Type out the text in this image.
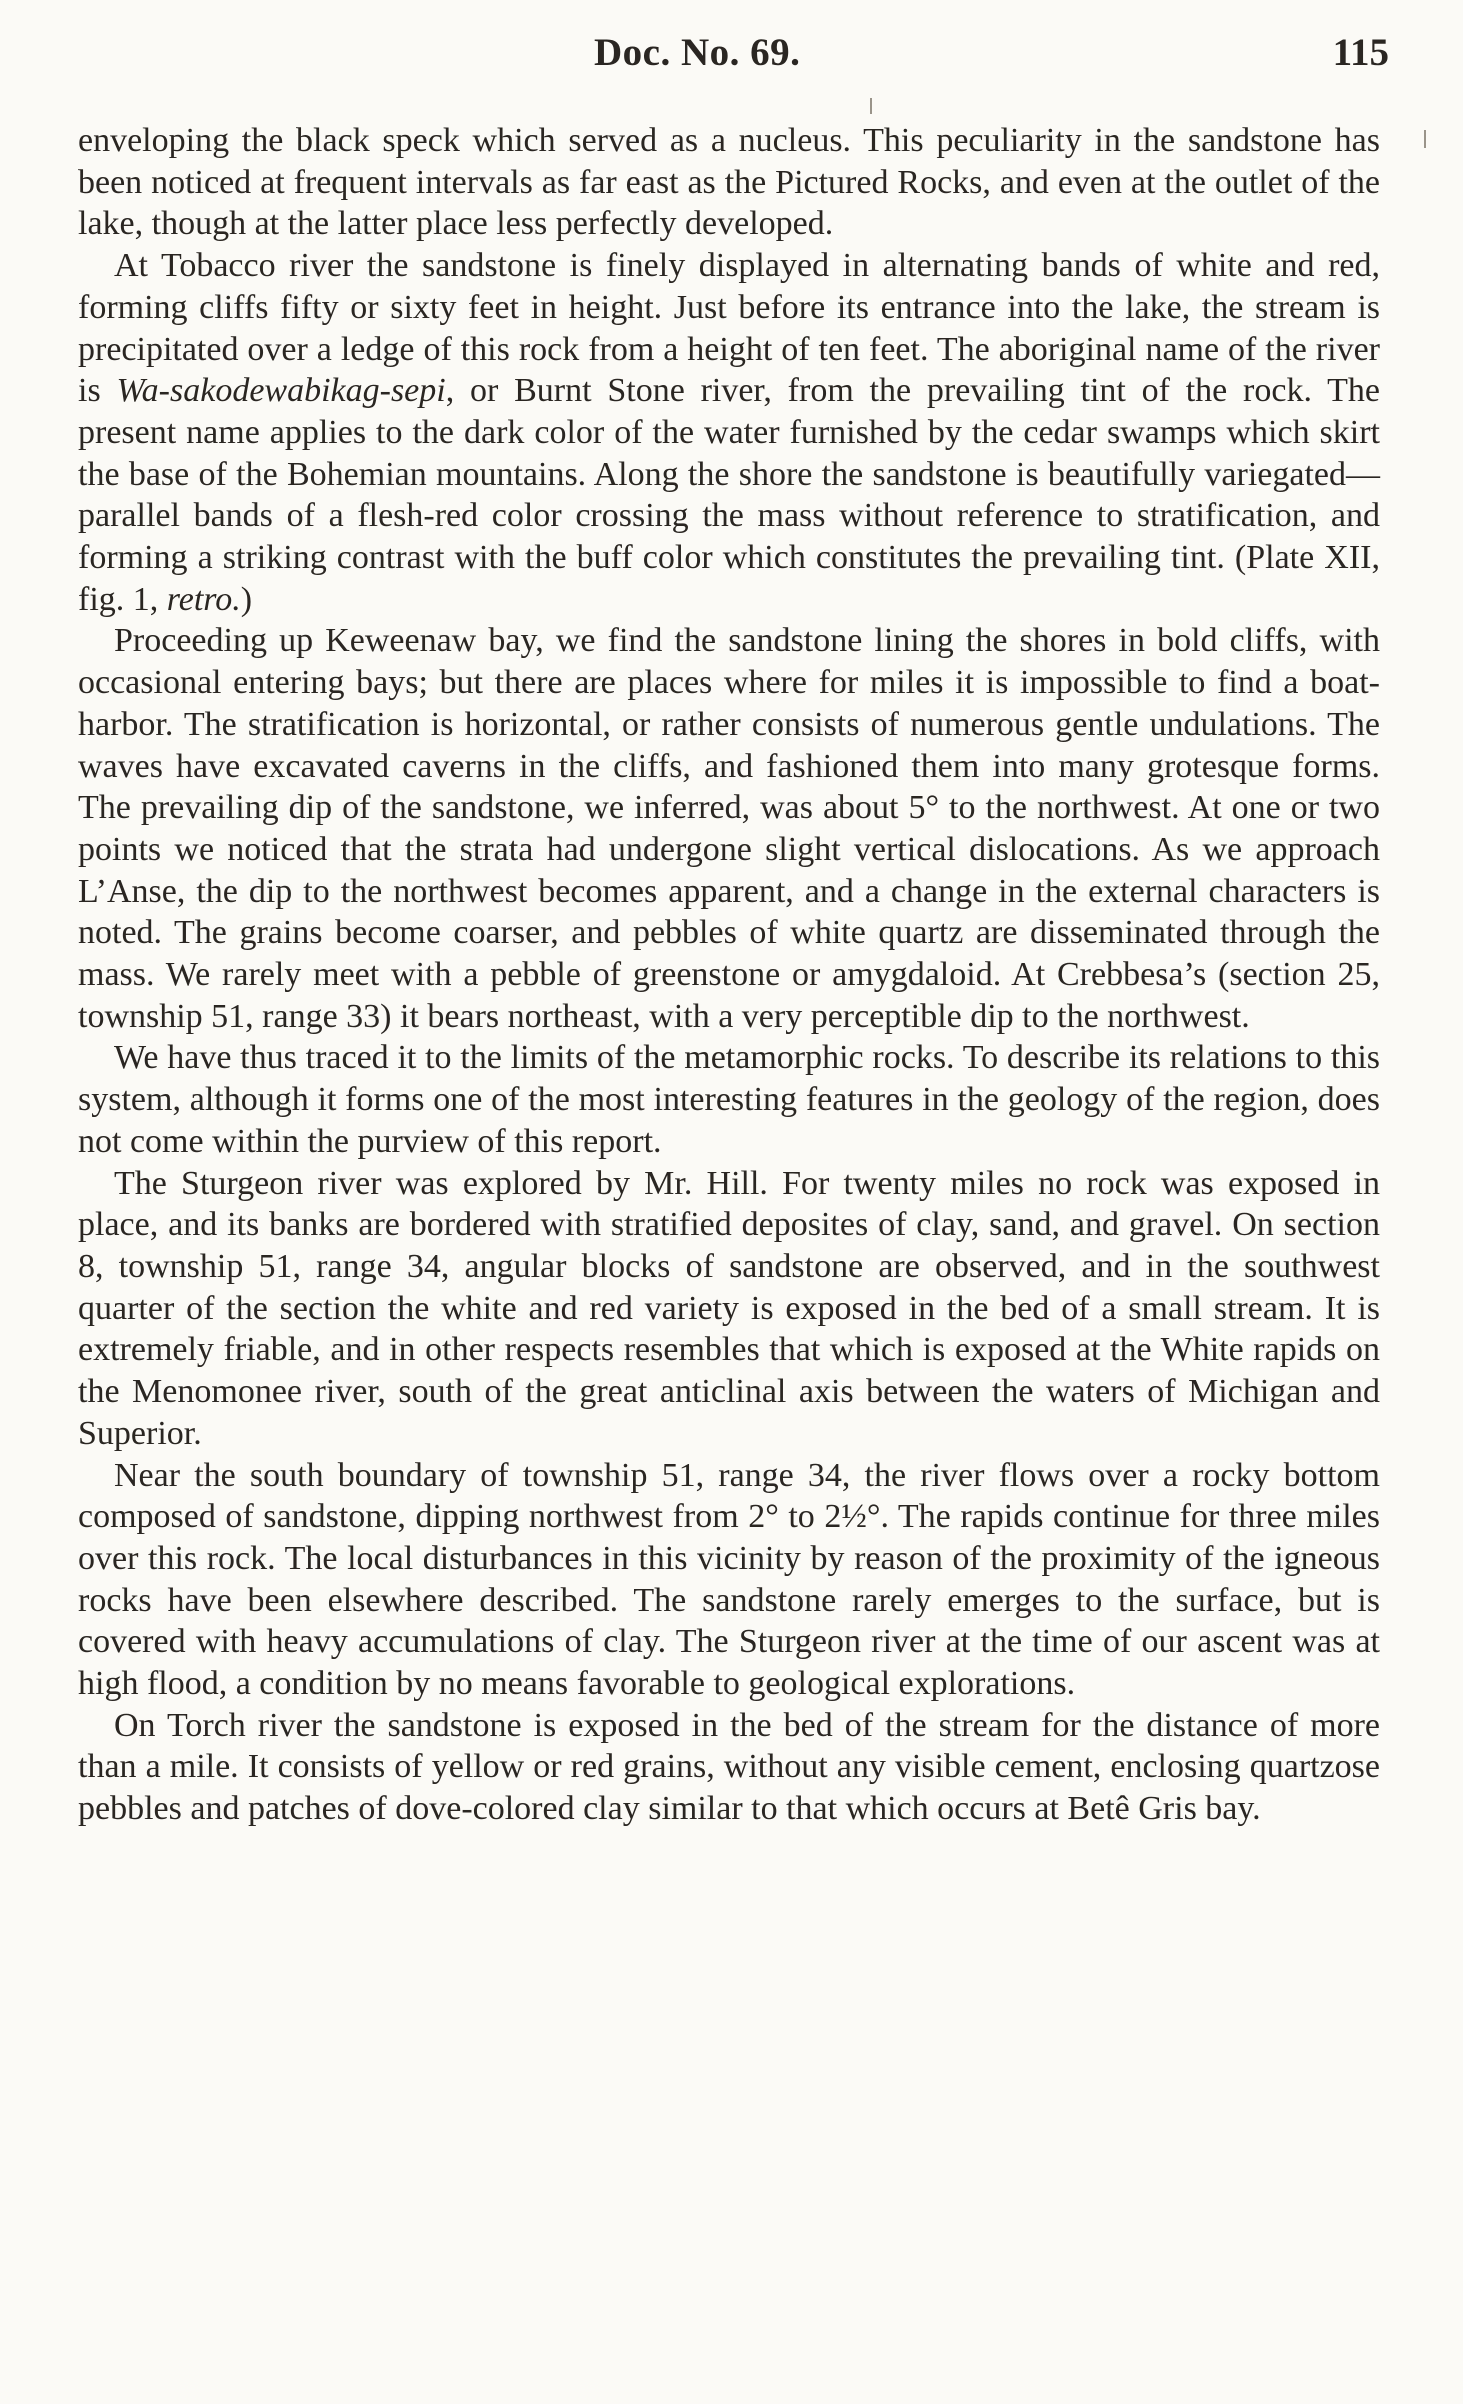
Doc. No. 69.	115

enveloping the black speck which served as a nucleus. This peculiarity in the sandstone has been noticed at frequent intervals as far east as the Pictured Rocks, and even at the outlet of the lake, though at the latter place less perfectly developed.

At Tobacco river the sandstone is finely displayed in alternating bands of white and red, forming cliffs fifty or sixty feet in height. Just before its entrance into the lake, the stream is precipitated over a ledge of this rock from a height of ten feet. The aboriginal name of the river is Wa-sakodewabikag-sepi, or Burnt Stone river, from the prevailing tint of the rock. The present name applies to the dark color of the water furnished by the cedar swamps which skirt the base of the Bohemian mountains. Along the shore the sandstone is beautifully variegated—parallel bands of a flesh-red color crossing the mass without reference to stratification, and forming a striking contrast with the buff color which constitutes the prevailing tint. (Plate XII, fig. 1, retro.)

Proceeding up Keweenaw bay, we find the sandstone lining the shores in bold cliffs, with occasional entering bays; but there are places where for miles it is impossible to find a boat-harbor. The stratification is horizontal, or rather consists of numerous gentle undulations. The waves have excavated caverns in the cliffs, and fashioned them into many grotesque forms. The prevailing dip of the sandstone, we inferred, was about 5° to the northwest. At one or two points we noticed that the strata had undergone slight vertical dislocations. As we approach L’Anse, the dip to the northwest becomes apparent, and a change in the external characters is noted. The grains become coarser, and pebbles of white quartz are disseminated through the mass. We rarely meet with a pebble of greenstone or amygdaloid. At Crebbesa’s (section 25, township 51, range 33) it bears northeast, with a very perceptible dip to the northwest.

We have thus traced it to the limits of the metamorphic rocks. To describe its relations to this system, although it forms one of the most interesting features in the geology of the region, does not come within the purview of this report.

The Sturgeon river was explored by Mr. Hill. For twenty miles no rock was exposed in place, and its banks are bordered with stratified deposites of clay, sand, and gravel. On section 8, township 51, range 34, angular blocks of sandstone are observed, and in the southwest quarter of the section the white and red variety is exposed in the bed of a small stream. It is extremely friable, and in other respects resembles that which is exposed at the White rapids on the Menomonee river, south of the great anticlinal axis between the waters of Michigan and Superior.

Near the south boundary of township 51, range 34, the river flows over a rocky bottom composed of sandstone, dipping northwest from 2° to 2½°. The rapids continue for three miles over this rock. The local disturbances in this vicinity by reason of the proximity of the igneous rocks have been elsewhere described. The sandstone rarely emerges to the surface, but is covered with heavy accumulations of clay. The Sturgeon river at the time of our ascent was at high flood, a condition by no means favorable to geological explorations.

On Torch river the sandstone is exposed in the bed of the stream for the distance of more than a mile. It consists of yellow or red grains, without any visible cement, enclosing quartzose pebbles and patches of dove-colored clay similar to that which occurs at Betê Gris bay.
